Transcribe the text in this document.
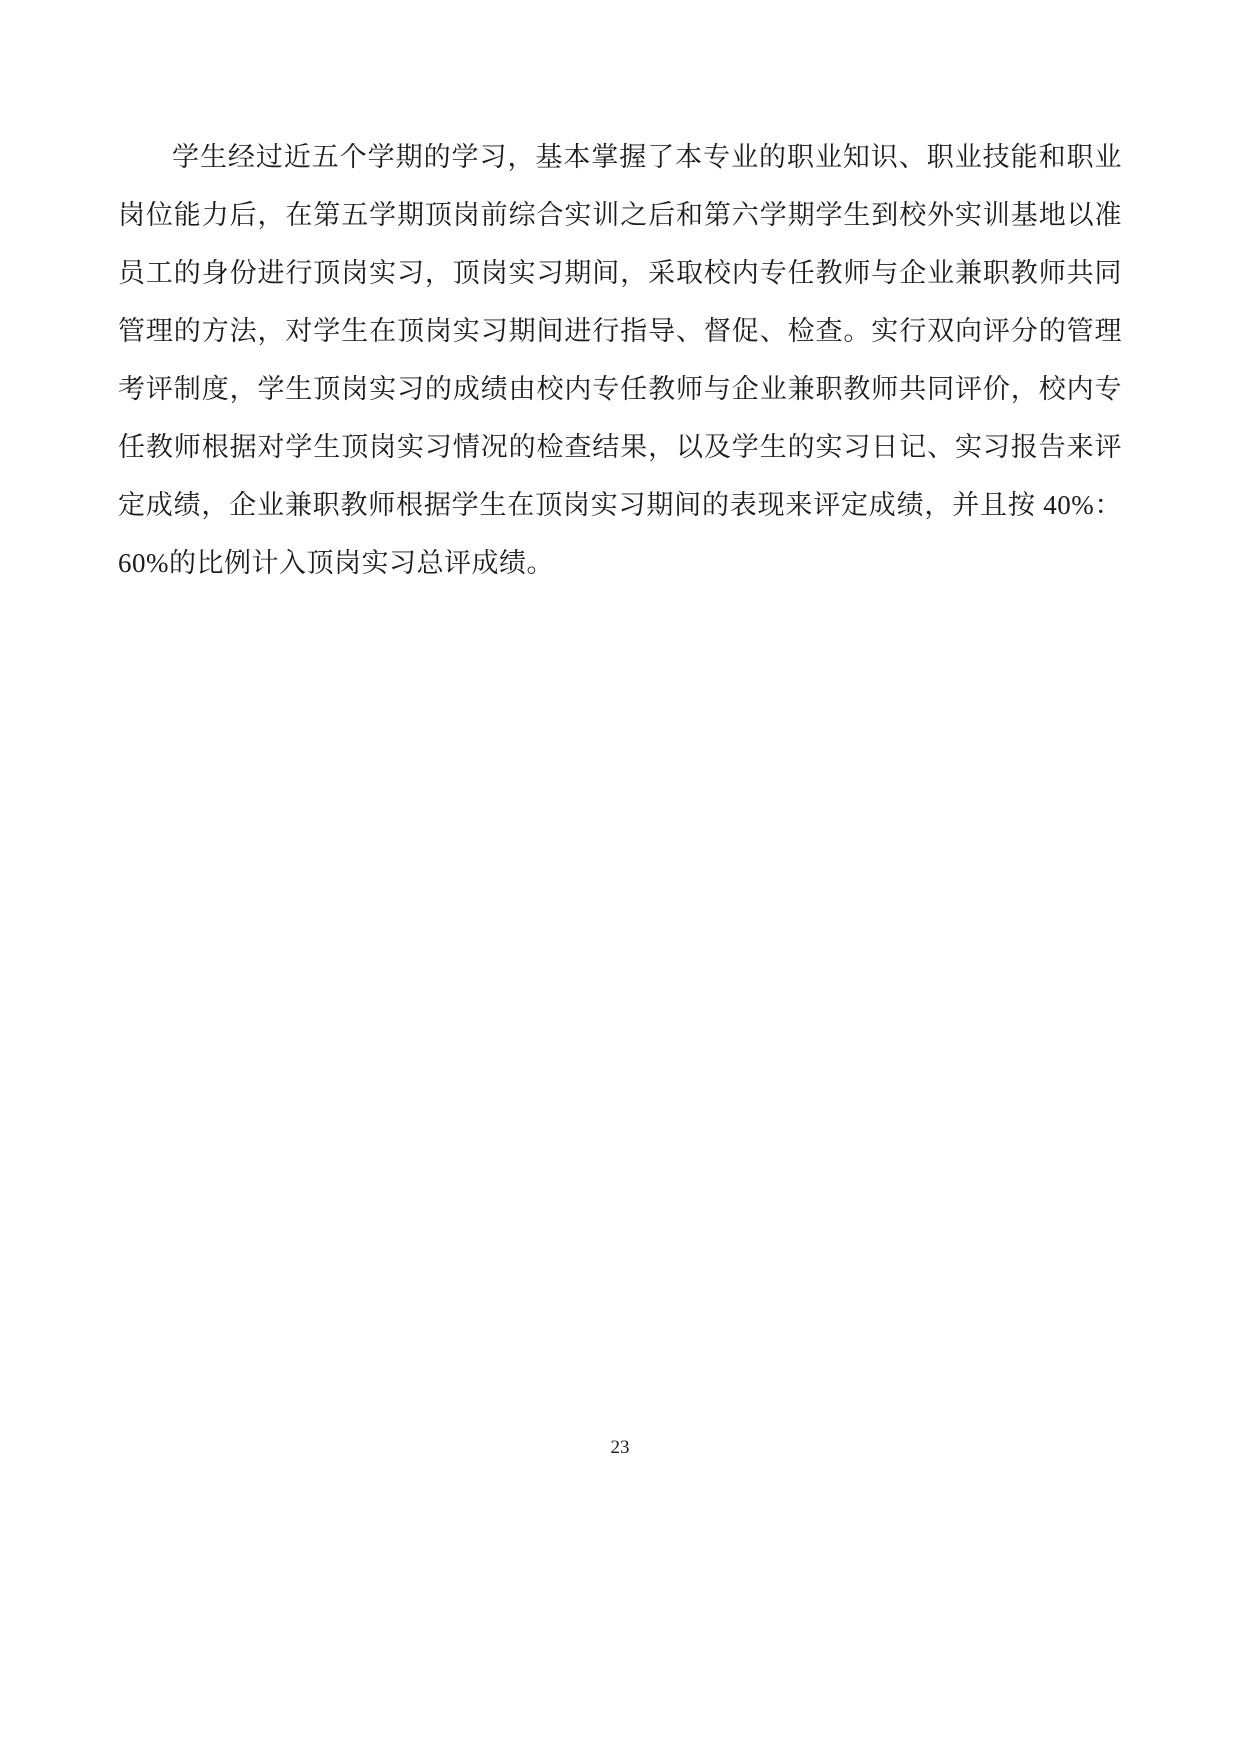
学生经过近五个学期的学习，基本掌握了本专业的职业知识、职业技能和职业岗位能力后，在第五学期顶岗前综合实训之后和第六学期学生到校外实训基地以准员工的身份进行顶岗实习，顶岗实习期间，采取校内专任教师与企业兼职教师共同管理的方法，对学生在顶岗实习期间进行指导、督促、检查。实行双向评分的管理考评制度，学生顶岗实习的成绩由校内专任教师与企业兼职教师共同评价，校内专任教师根据对学生顶岗实习情况的检查结果，以及学生的实习日记、实习报告来评定成绩，企业兼职教师根据学生在顶岗实习期间的表现来评定成绩，并且按 40%：60%的比例计入顶岗实习总评成绩。

23
